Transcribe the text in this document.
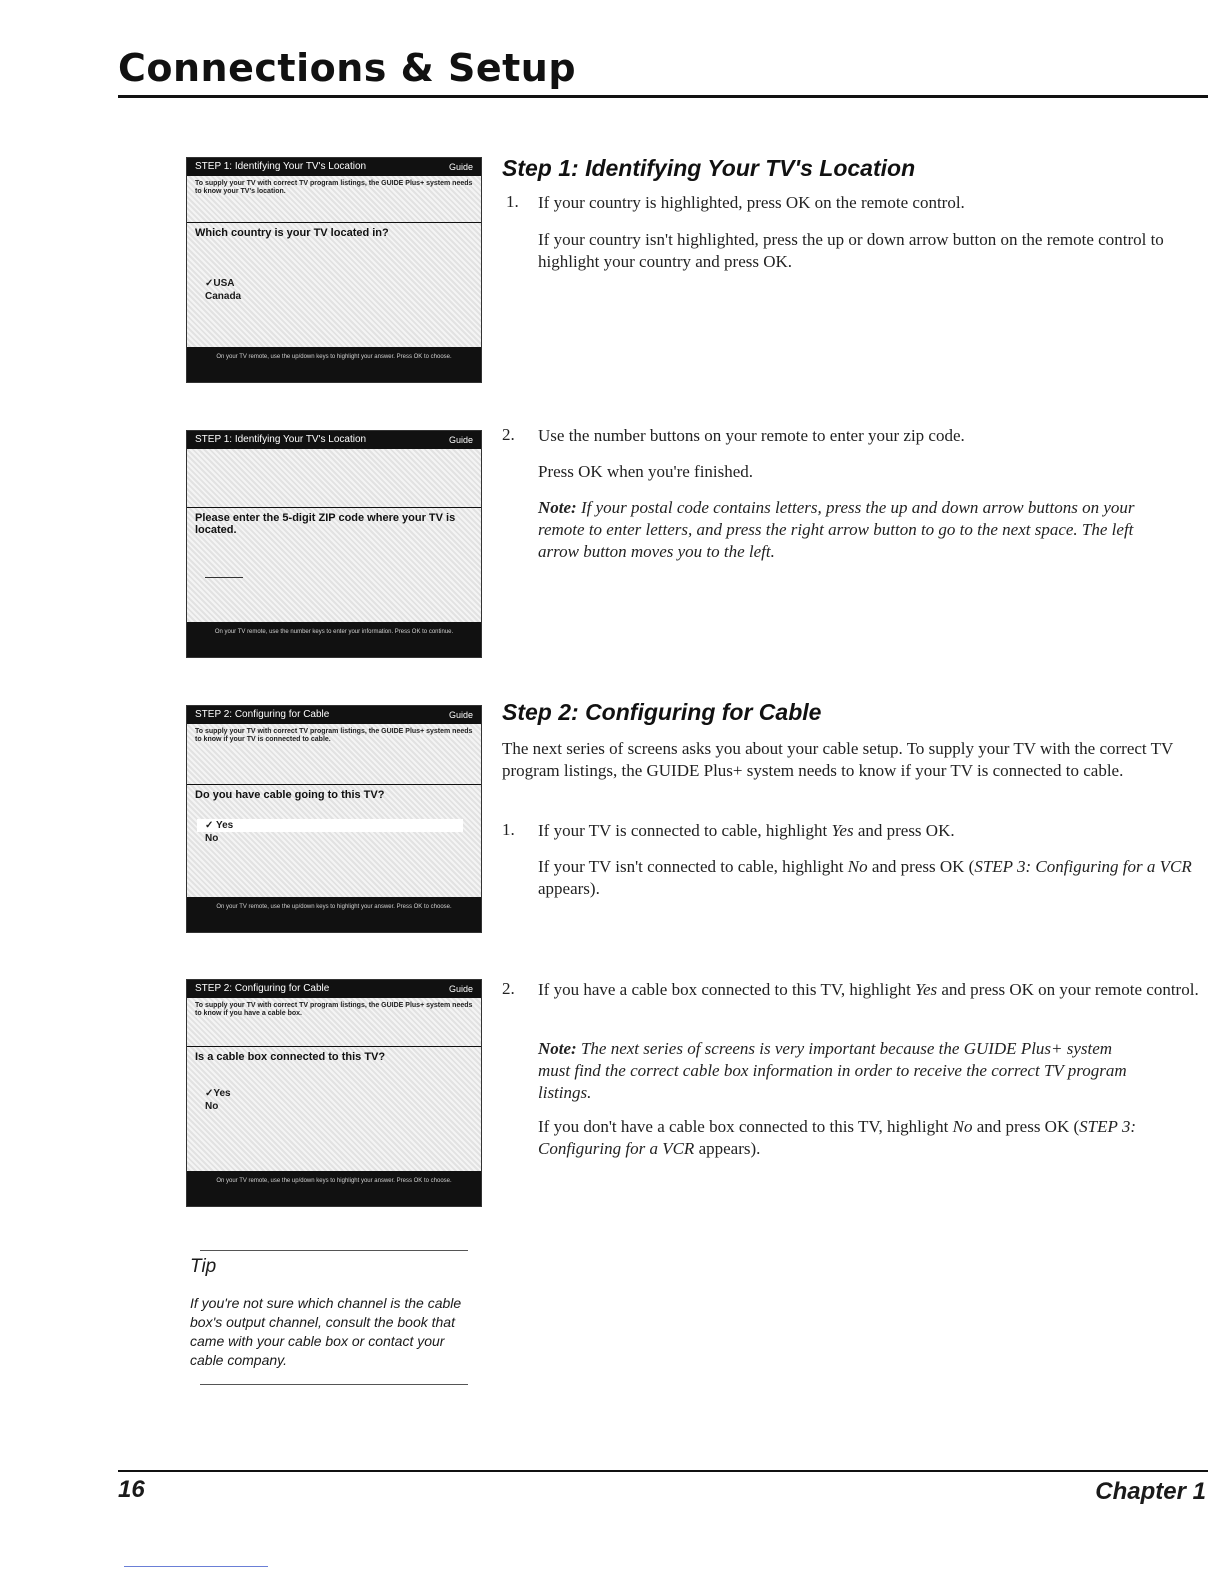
Connections & Setup
STEP 1: Identifying Your TV's Location	Guide
To supply your TV with correct TV program listings, the GUIDE Plus+ system needs to know your TV's location.
Which country is your TV located in?
✓USA
Canada
On your TV remote, use the up/down keys to highlight your answer. Press OK to choose.
STEP 1: Identifying Your TV's Location	Guide
Please enter the 5-digit ZIP code where your TV is located.
On your TV remote, use the number keys to enter your information. Press OK to continue.
STEP 2: Configuring for Cable	Guide
To supply your TV with correct TV program listings, the GUIDE Plus+ system needs to know if your TV is connected to cable.
Do you have cable going to this TV?
✓ Yes
No
On your TV remote, use the up/down keys to highlight your answer. Press OK to choose.
STEP 2: Configuring for Cable	Guide
To supply your TV with correct TV program listings, the GUIDE Plus+ system needs to know if you have a cable box.
Is a cable box connected to this TV?
✓Yes
No
On your TV remote, use the up/down keys to highlight your answer. Press OK to choose.
Step 1: Identifying Your TV's Location
1. If your country is highlighted, press OK on the remote control.
If your country isn't highlighted, press the up or down arrow button on the remote control to highlight your country and press OK.
2. Use the number buttons on your remote to enter your zip code.
Press OK when you're finished.
Note: If your postal code contains letters, press the up and down arrow buttons on your remote to enter letters, and press the right arrow button to go to the next space. The left arrow button moves you to the left.
Step 2: Configuring for Cable
The next series of screens asks you about your cable setup. To supply your TV with the correct TV program listings, the GUIDE Plus+ system needs to know if your TV is connected to cable.
1. If your TV is connected to cable, highlight Yes and press OK.
If your TV isn't connected to cable, highlight No and press OK (STEP 3: Configuring for a VCR appears).
2. If you have a cable box connected to this TV, highlight Yes and press OK on your remote control.
Note: The next series of screens is very important because the GUIDE Plus+ system must find the correct cable box information in order to receive the correct TV program listings.
If you don't have a cable box connected to this TV, highlight No and press OK (STEP 3: Configuring for a VCR appears).
Tip
If you're not sure which channel is the cable box's output channel, consult the book that came with your cable box or contact your cable company.
16	Chapter 1
